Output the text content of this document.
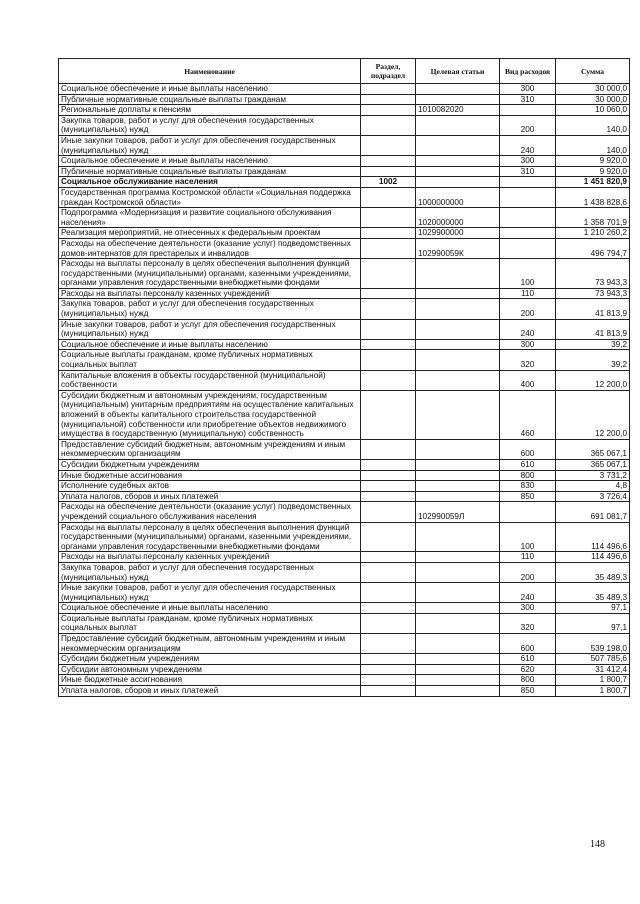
Наименование	Раздел, подраздел	Целевая статьи	Вид расходов	Сумма
Социальное обеспечение и иные выплаты населению			300	30 000,0
Публичные нормативные социальные выплаты гражданам			310	30 000,0
Региональные доплаты к пенсиям		1010082020		10 060,0
Закупка товаров, работ и услуг для обеспечения государственных (муниципальных) нужд			200	140,0
Иные закупки товаров, работ и услуг для обеспечения государственных (муниципальных) нужд			240	140,0
Социальное обеспечение и иные выплаты населению			300	9 920,0
Публичные нормативные социальные выплаты гражданам			310	9 920,0
Социальное обслуживание населения	1002			1 451 820,9
Государственная программа Костромской области «Социальная поддержка граждан Костромской области»		1000000000		1 438 828,6
Подпрограмма «Модернизация и развитие социального обслуживания населения»		1020000000		1 358 701,9
Реализация мероприятий, не отнесенных к федеральным проектам		1029900000		1 210 260,2
Расходы на обеспечение деятельности (оказание услуг) подведомственных домов-интернатов для престарелых и инвалидов		102990059К		496 794,7
Расходы на выплаты персоналу в целях обеспечения выполнения функций государственными (муниципальными) органами, казенными учреждениями, органами управления государственными внебюджетными фондами			100	73 943,3
Расходы на выплаты персоналу казенных учреждений			110	73 943,3
Закупка товаров, работ и услуг для обеспечения государственных (муниципальных) нужд			200	41 813,9
Иные закупки товаров, работ и услуг для обеспечения государственных (муниципальных) нужд			240	41 813,9
Социальное обеспечение и иные выплаты населению			300	39,2
Социальные выплаты гражданам, кроме публичных нормативных социальных выплат			320	39,2
Капитальные вложения в объекты государственной (муниципальной) собственности			400	12 200,0
Субсидии бюджетным и автономным учреждениям, государственным (муниципальным) унитарным предприятиям на осуществление капитальных вложений в объекты капитального строительства государственной (муниципальной) собственности или приобретение объектов недвижимого имущества в государственную (муниципальную) собственность			460	12 200,0
Предоставление субсидий бюджетным, автономным учреждениям и иным некоммерческим организациям			600	365 067,1
Субсидии бюджетным учреждениям			610	365 067,1
Иные бюджетные ассигнования			800	3 731,2
Исполнение судебных актов			830	4,8
Уплата налогов, сборов и иных платежей			850	3 726,4
Расходы на обеспечение деятельности (оказание услуг) подведомственных учреждений социального обслуживания населения		102990059Л		691 081,7
Расходы на выплаты персоналу в целях обеспечения выполнения функций государственными (муниципальными) органами, казенными учреждениями, органами управления государственными внебюджетными фондами			100	114 496,6
Расходы на выплаты персоналу казенных учреждений			110	114 496,6
Закупка товаров, работ и услуг для обеспечения государственных (муниципальных) нужд			200	35 489,3
Иные закупки товаров, работ и услуг для обеспечения государственных (муниципальных) нужд			240	35 489,3
Социальное обеспечение и иные выплаты населению			300	97,1
Социальные выплаты гражданам, кроме публичных нормативных социальных выплат			320	97,1
Предоставление субсидий бюджетным, автономным учреждениям и иным некоммерческим организациям			600	539 198,0
Субсидии бюджетным учреждениям			610	507 785,6
Субсидии автономным учреждениям			620	31 412,4
Иные бюджетные ассигнования			800	1 800,7
Уплата налогов, сборов и иных платежей			850	1 800,7
148
